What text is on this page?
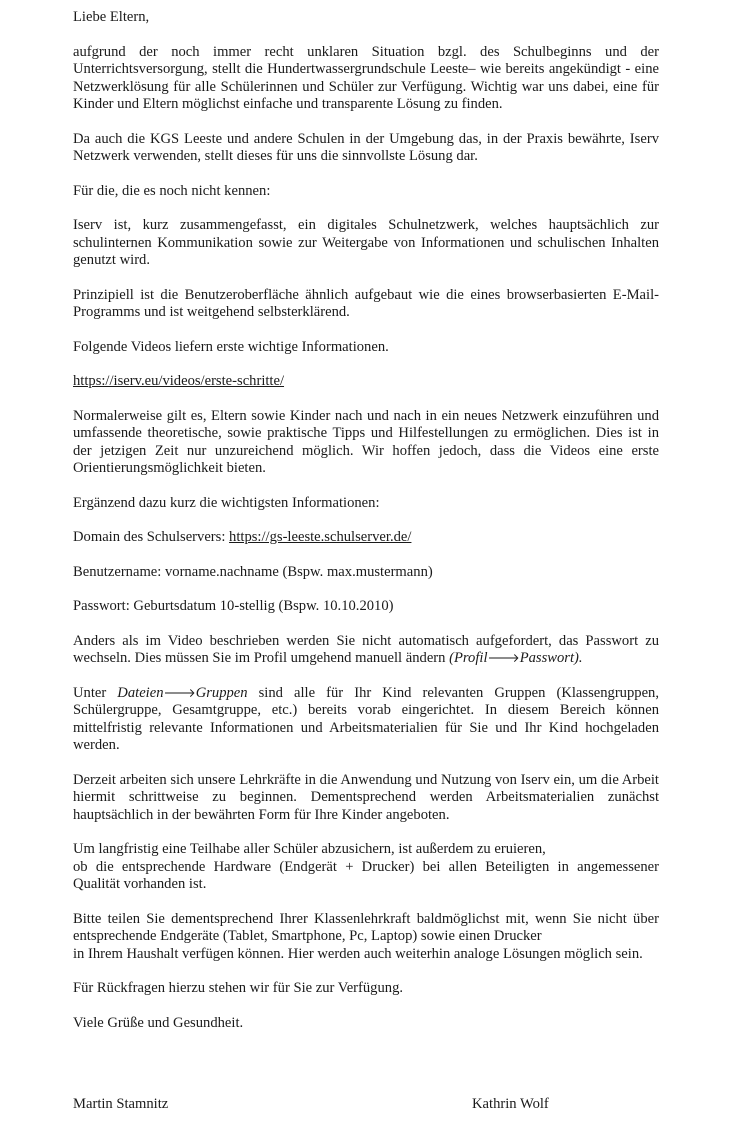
Liebe Eltern,

aufgrund der noch immer recht unklaren Situation bzgl. des Schulbeginns und der Unterrichtsversorgung, stellt die Hundertwassergrundschule Leeste– wie bereits angekündigt - eine Netzwerklösung für alle Schülerinnen und Schüler zur Verfügung. Wichtig war uns dabei, eine für Kinder und Eltern möglichst einfache und transparente Lösung zu finden.

Da auch die KGS Leeste und andere Schulen in der Umgebung das, in der Praxis bewährte, Iserv Netzwerk verwenden, stellt dieses für uns die sinnvollste Lösung dar.

Für die, die es noch nicht kennen:

Iserv ist, kurz zusammengefasst, ein digitales Schulnetzwerk, welches hauptsächlich zur schulinternen Kommunikation sowie zur Weitergabe von Informationen und schulischen Inhalten genutzt wird.

Prinzipiell ist die Benutzeroberfläche ähnlich aufgebaut wie die eines browserbasierten E-Mail-Programms und ist weitgehend selbsterklärend.

Folgende Videos liefern erste wichtige Informationen.

https://iserv.eu/videos/erste-schritte/

Normalerweise gilt es, Eltern sowie Kinder nach und nach in ein neues Netzwerk einzuführen und umfassende theoretische, sowie praktische Tipps und Hilfestellungen zu ermöglichen. Dies ist in der jetzigen Zeit nur unzureichend möglich. Wir hoffen jedoch, dass die Videos eine erste Orientierungsmöglichkeit bieten.

Ergänzend dazu kurz die wichtigsten Informationen:

Domain des Schulservers: https://gs-leeste.schulserver.de/

Benutzername: vorname.nachname (Bspw. max.mustermann)

Passwort: Geburtsdatum 10-stellig (Bspw. 10.10.2010)

Anders als im Video beschrieben werden Sie nicht automatisch aufgefordert, das Passwort zu wechseln. Dies müssen Sie im Profil umgehend manuell ändern (Profil🡒Passwort).

Unter Dateien🡒Gruppen sind alle für Ihr Kind relevanten Gruppen (Klassengruppen, Schülergruppe, Gesamtgruppe, etc.) bereits vorab eingerichtet. In diesem Bereich können mittelfristig relevante Informationen und Arbeitsmaterialien für Sie und Ihr Kind hochgeladen werden.

Derzeit arbeiten sich unsere Lehrkräfte in die Anwendung und Nutzung von Iserv ein, um die Arbeit hiermit schrittweise zu beginnen. Dementsprechend werden Arbeitsmaterialien zunächst hauptsächlich in der bewährten Form für Ihre Kinder angeboten.

Um langfristig eine Teilhabe aller Schüler abzusichern, ist außerdem zu eruieren,
ob die entsprechende Hardware (Endgerät + Drucker) bei allen Beteiligten in angemessener Qualität vorhanden ist.

Bitte teilen Sie dementsprechend Ihrer Klassenlehrkraft baldmöglichst mit, wenn Sie nicht über entsprechende Endgeräte (Tablet, Smartphone, Pc, Laptop) sowie einen Drucker
in Ihrem Haushalt verfügen können. Hier werden auch weiterhin analoge Lösungen möglich sein.

Für Rückfragen hierzu stehen wir für Sie zur Verfügung.

Viele Grüße und Gesundheit.

Martin Stamnitz	Kathrin Wolf
